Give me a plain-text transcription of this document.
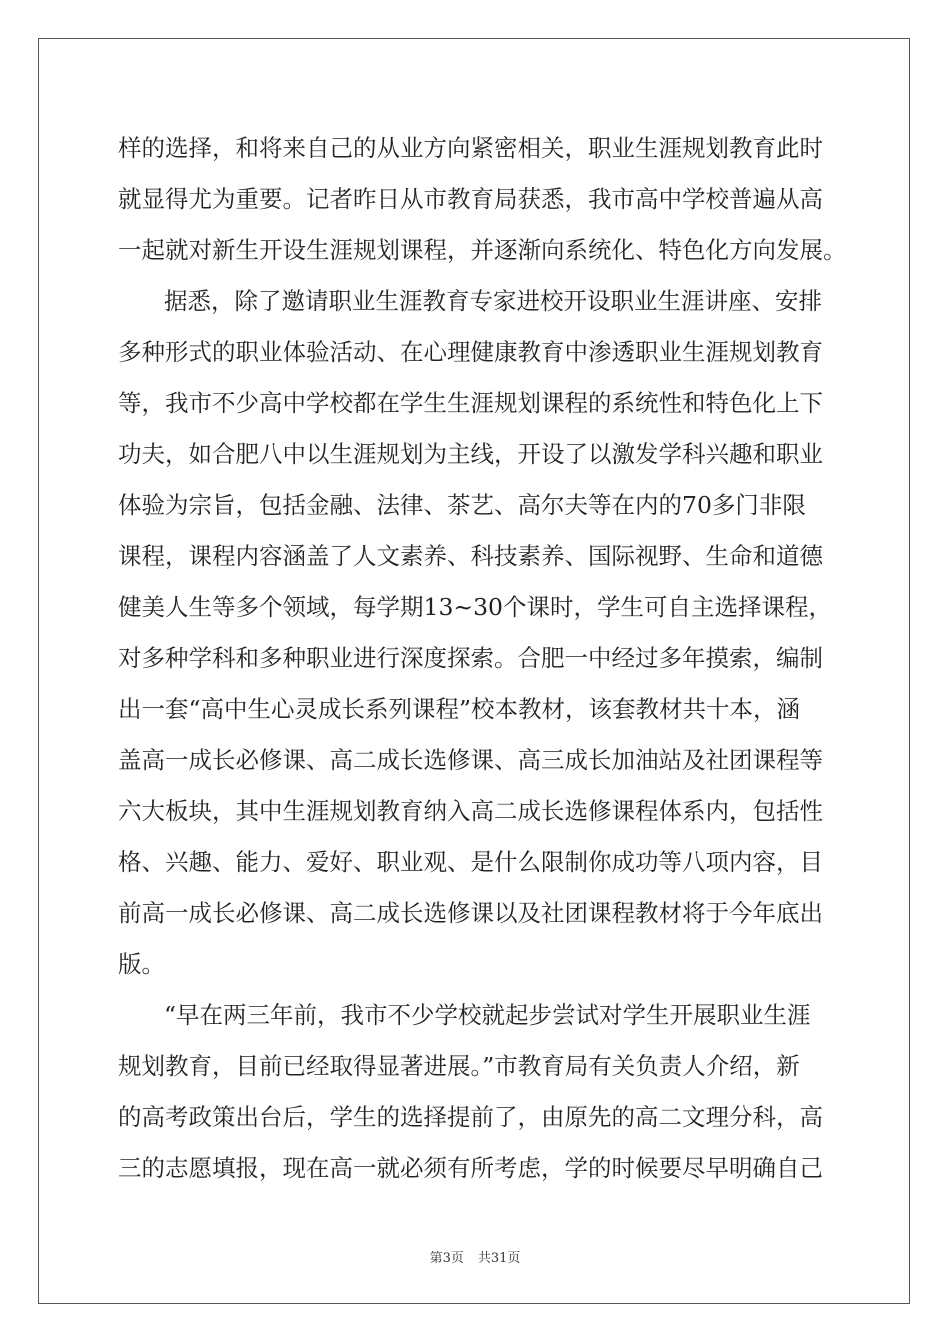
样的选择，和将来自己的从业方向紧密相关，职业生涯规划教育此时
就显得尤为重要。记者昨日从市教育局获悉，我市高中学校普遍从高
一起就对新生开设生涯规划课程，并逐渐向系统化、特色化方向发展。
据悉，除了邀请职业生涯教育专家进校开设职业生涯讲座、安排
多种形式的职业体验活动、在心理健康教育中渗透职业生涯规划教育
等，我市不少高中学校都在学生生涯规划课程的系统性和特色化上下
功夫，如合肥八中以生涯规划为主线，开设了以激发学科兴趣和职业
体验为宗旨，包括金融、法律、茶艺、高尔夫等在内的70多门非限
课程，课程内容涵盖了人文素养、科技素养、国际视野、生命和道德
健美人生等多个领域，每学期13~30个课时，学生可自主选择课程，
对多种学科和多种职业进行深度探索。合肥一中经过多年摸索，编制
出一套“高中生心灵成长系列课程”校本教材，该套教材共十本，涵
盖高一成长必修课、高二成长选修课、高三成长加油站及社团课程等
六大板块，其中生涯规划教育纳入高二成长选修课程体系内，包括性
格、兴趣、能力、爱好、职业观、是什么限制你成功等八项内容，目
前高一成长必修课、高二成长选修课以及社团课程教材将于今年底出
版。
“早在两三年前，我市不少学校就起步尝试对学生开展职业生涯
规划教育，目前已经取得显著进展。”市教育局有关负责人介绍，新
的高考政策出台后，学生的选择提前了，由原先的高二文理分科，高
三的志愿填报，现在高一就必须有所考虑，学的时候要尽早明确自己
第3页 共31页
